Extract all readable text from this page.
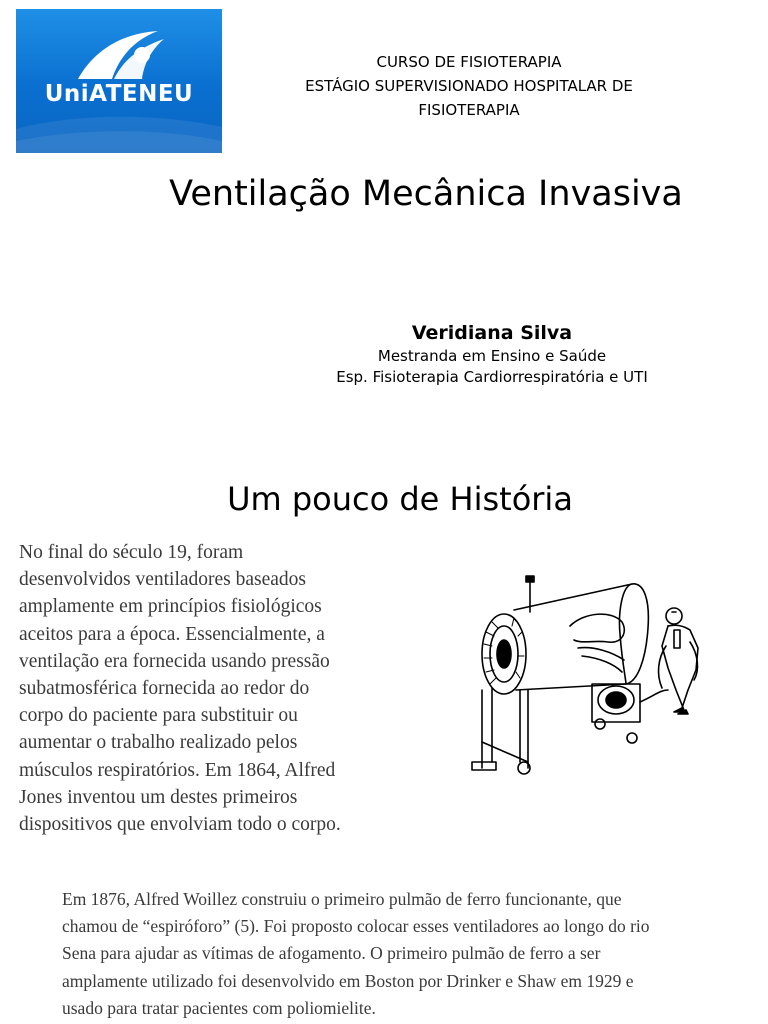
UniATENEU
CURSO DE FISIOTERAPIA
ESTÁGIO SUPERVISIONADO HOSPITALAR DE
FISIOTERAPIA
Ventilação Mecânica Invasiva
Veridiana Silva
Mestranda em Ensino e Saúde
Esp. Fisioterapia Cardiorrespiratória e UTI
Um pouco de História
No final do século 19, foram
desenvolvidos ventiladores baseados
amplamente em princípios fisiológicos
aceitos para a época. Essencialmente, a
ventilação era fornecida usando pressão
subatmosférica fornecida ao redor do
corpo do paciente para substituir ou
aumentar o trabalho realizado pelos
músculos respiratórios. Em 1864, Alfred
Jones inventou um destes primeiros
dispositivos que envolviam todo o corpo.
Em 1876, Alfred Woillez construiu o primeiro pulmão de ferro funcionante, que
chamou de “espiróforo” (5). Foi proposto colocar esses ventiladores ao longo do rio
Sena para ajudar as vítimas de afogamento. O primeiro pulmão de ferro a ser
amplamente utilizado foi desenvolvido em Boston por Drinker e Shaw em 1929 e
usado para tratar pacientes com poliomielite.
